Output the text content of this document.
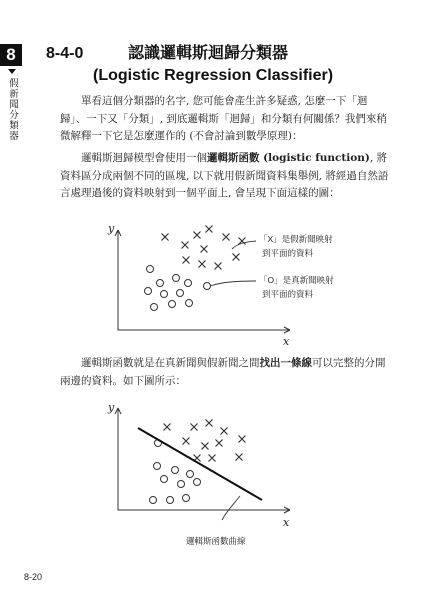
8
假新聞分類器
8-4-0	認識邏輯斯迴歸分類器
(Logistic Regression Classifier)

單看這個分類器的名字, 您可能會產生許多疑惑, 怎麼一下「迴歸」、一下又「分類」, 到底邏輯斯「迴歸」和分類有何關係？我們來稍微解釋一下它是怎麼運作的 (不會討論到數學原理)：

邏輯斯迴歸模型會使用一個邏輯斯函數 (logistic function), 將資料區分成兩個不同的區塊, 以下就用假新聞資料集舉例, 將經過自然語言處理過後的資料映射到一個平面上, 會呈現下面這樣的圖：

y
x
「X」是假新聞映射
到平面的資料
「O」是真新聞映射
到平面的資料

邏輯斯函數就是在真新聞與假新聞之間找出一條線可以完整的分開兩邊的資料。如下圖所示：

y
x
邏輯斯函數曲線
8-20
